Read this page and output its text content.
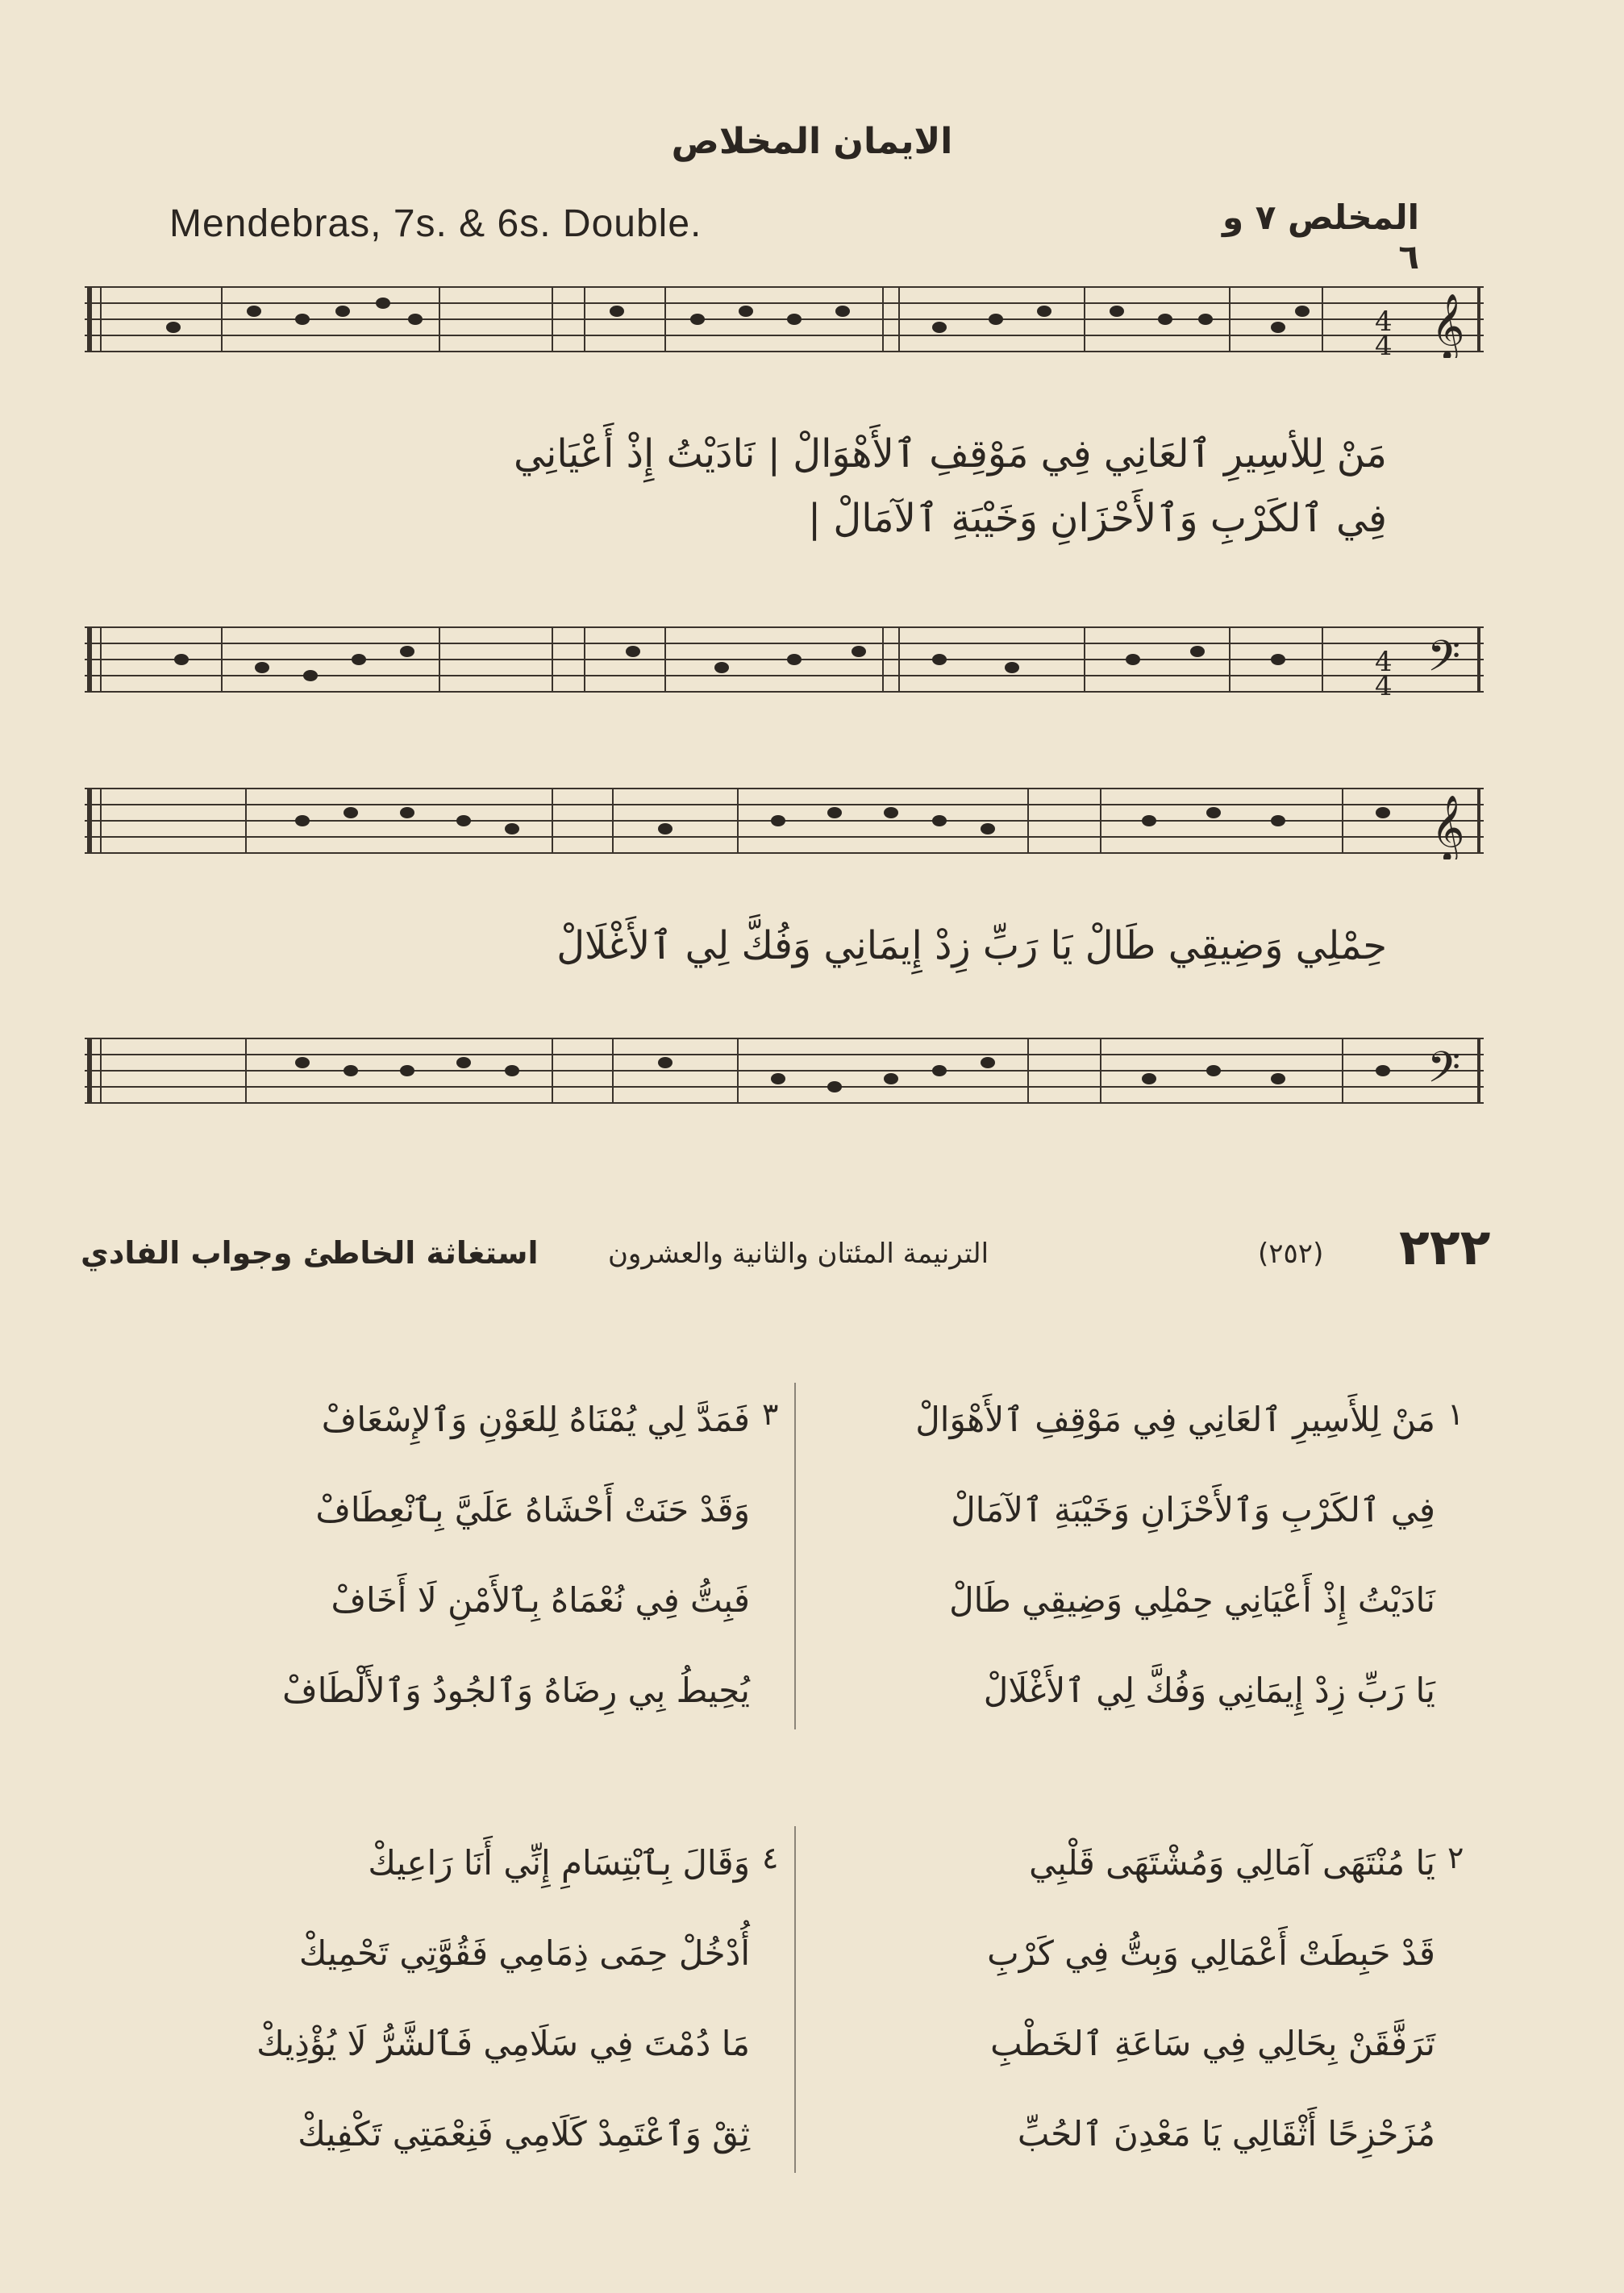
الايمان المخلاص
Mendebras, 7s. & 6s. Double.	المخلص ٧ و ٦
4
4 𝄞
مَنْ لِلأسِيرِ ٱلعَانِي فِي مَوْقِفِ ٱلأَهْوَالْ | نَادَيْتُ إِذْ أَعْيَانِي
فِي ٱلكَرْبِ وَٱلأَحْزَانِ وَخَيْبَةِ ٱلآمَالْ |
4
4 𝄢
𝄞
حِمْلِي وَضِيقِي طَالْ يَا رَبِّ زِدْ إِيمَانِي وَفُكَّ لِي ٱلأَغْلَالْ
𝄢
٢٢٢
(٢٥٢)
الترنيمة المئتان والثانية والعشرون
استغاثة الخاطئ وجواب الفادي
١
مَنْ لِلأَسِيرِ ٱلعَانِي فِي مَوْقِفِ ٱلأَهْوَالْ
فِي ٱلكَرْبِ وَٱلأَحْزَانِ وَخَيْبَةِ ٱلآمَالْ
نَادَيْتُ إِذْ أَعْيَانِي حِمْلِي وَضِيقِي طَالْ
يَا رَبِّ زِدْ إِيمَانِي وَفُكَّ لِي ٱلأَغْلَالْ
٣
فَمَدَّ لِي يُمْنَاهُ لِلعَوْنِ وَٱلإِسْعَافْ
وَقَدْ حَنَتْ أَحْشَاهُ عَلَيَّ بِٱنْعِطَافْ
فَبِتُّ فِي نُعْمَاهُ بِٱلأَمْنِ لَا أَخَافْ
يُحِيطُ بِي رِضَاهُ وَٱلجُودُ وَٱلأَلْطَافْ
٢
يَا مُنْتَهَى آمَالِي وَمُشْتَهَى قَلْبِي
قَدْ حَبِطَتْ أَعْمَالِي وَبِتُّ فِي كَرْبِ
تَرَفَّقَنْ بِحَالِي فِي سَاعَةِ ٱلخَطْبِ
مُزَحْزِحًا أَثْقَالِي يَا مَعْدِنَ ٱلحُبِّ
٤
وَقَالَ بِٱبْتِسَامِ إِنِّي أَنَا رَاعِيكْ
أُدْخُلْ حِمَى ذِمَامِي فَقُوَّتِي تَحْمِيكْ
مَا دُمْتَ فِي سَلَامِي فَٱلشَّرُّ لَا يُؤْذِيكْ
ثِقْ وَٱعْتَمِدْ كَلَامِي فَنِعْمَتِي تَكْفِيكْ
